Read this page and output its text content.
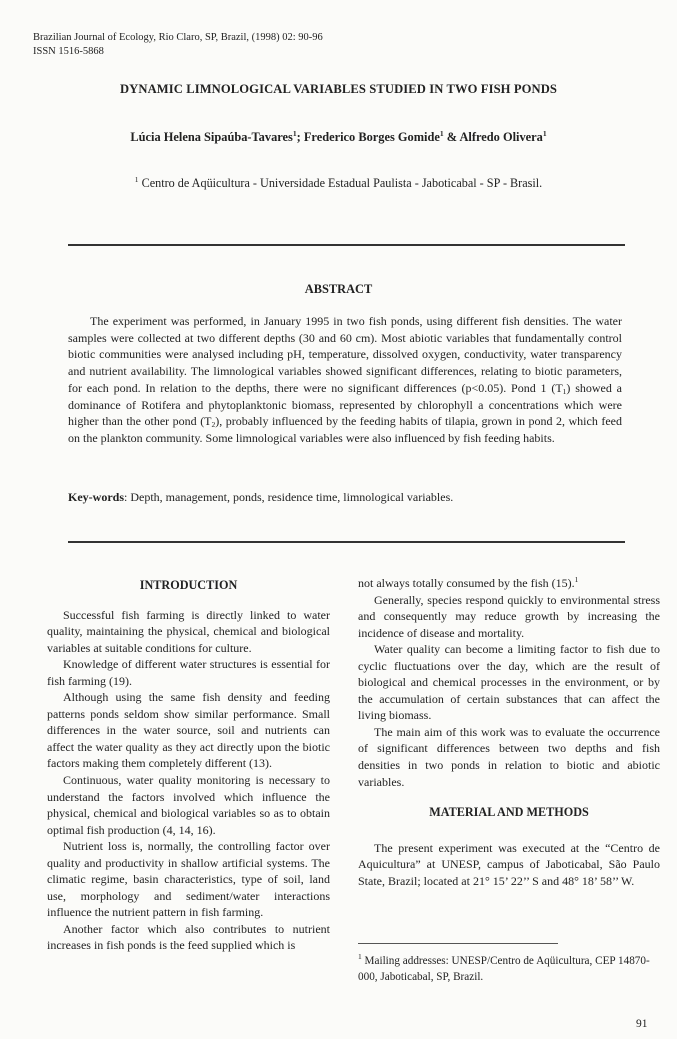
Brazilian Journal of Ecology, Rio Claro, SP, Brazil, (1998) 02: 90-96
ISSN 1516-5868
DYNAMIC LIMNOLOGICAL VARIABLES STUDIED IN TWO FISH PONDS
Lúcia Helena Sipaúba-Tavares$^1$; Frederico Borges Gomide$^1$ & Alfredo Olivera$^1$
$^1$ Centro de Aqüicultura - Universidade Estadual Paulista - Jaboticabal - SP - Brasil.
ABSTRACT
The experiment was performed, in January 1995 in two fish ponds, using different fish densities. The water samples were collected at two different depths (30 and 60 cm). Most abiotic variables that fundamentally control biotic communities were analysed including pH, temperature, dissolved oxygen, conductivity, water transparency and nutrient availability. The limnological variables showed significant differences, relating to biotic parameters, for each pond. In relation to the depths, there were no significant differences (p<0.05). Pond 1 $(T_1)$ showed a dominance of Rotifera and phytoplanktonic biomass, represented by chlorophyll a concentrations which were higher than the other pond $(T_2)$, probably influenced by the feeding habits of tilapia, grown in pond 2, which feed on the plankton community. Some limnological variables were also influenced by fish feeding habits.
Key-words: Depth, management, ponds, residence time, limnological variables.
INTRODUCTION

Successful fish farming is directly linked to water quality, maintaining the physical, chemical and biological variables at suitable conditions for culture.

Knowledge of different water structures is essential for fish farming (19).

Although using the same fish density and feeding patterns ponds seldom show similar performance. Small differences in the water source, soil and nutrients can affect the water quality as they act directly upon the biotic factors making them completely different (13).

Continuous, water quality monitoring is necessary to understand the factors involved which influence the physical, chemical and biological variables so as to obtain optimal fish production (4, 14, 16).

Nutrient loss is, normally, the controlling factor over quality and productivity in shallow artificial systems. The climatic regime, basin characteristics, type of soil, land use, morphology and sediment/water interactions influence the nutrient pattern in fish farming.

Another factor which also contributes to nutrient increases in fish ponds is the feed supplied which is

not always totally consumed by the fish (15).$^1$

Generally, species respond quickly to environmental stress and consequently may reduce growth by increasing the incidence of disease and mortality.

Water quality can become a limiting factor to fish due to cyclic fluctuations over the day, which are the result of biological and chemical processes in the environment, or by the accumulation of certain substances that can affect the living biomass.

The main aim of this work was to evaluate the occurrence of significant differences between two depths and fish densities in two ponds in relation to biotic and abiotic variables.

MATERIAL AND METHODS

The present experiment was executed at the “Centro de Aquicultura” at UNESP, campus of Jaboticabal, São Paulo State, Brazil; located at 21° 15’ 22’’ S and 48° 18’ 58’’ W.

$^1$ Mailing addresses: UNESP/Centro de Aqüicultura, CEP 14870-000, Jaboticabal, SP, Brazil.
91
